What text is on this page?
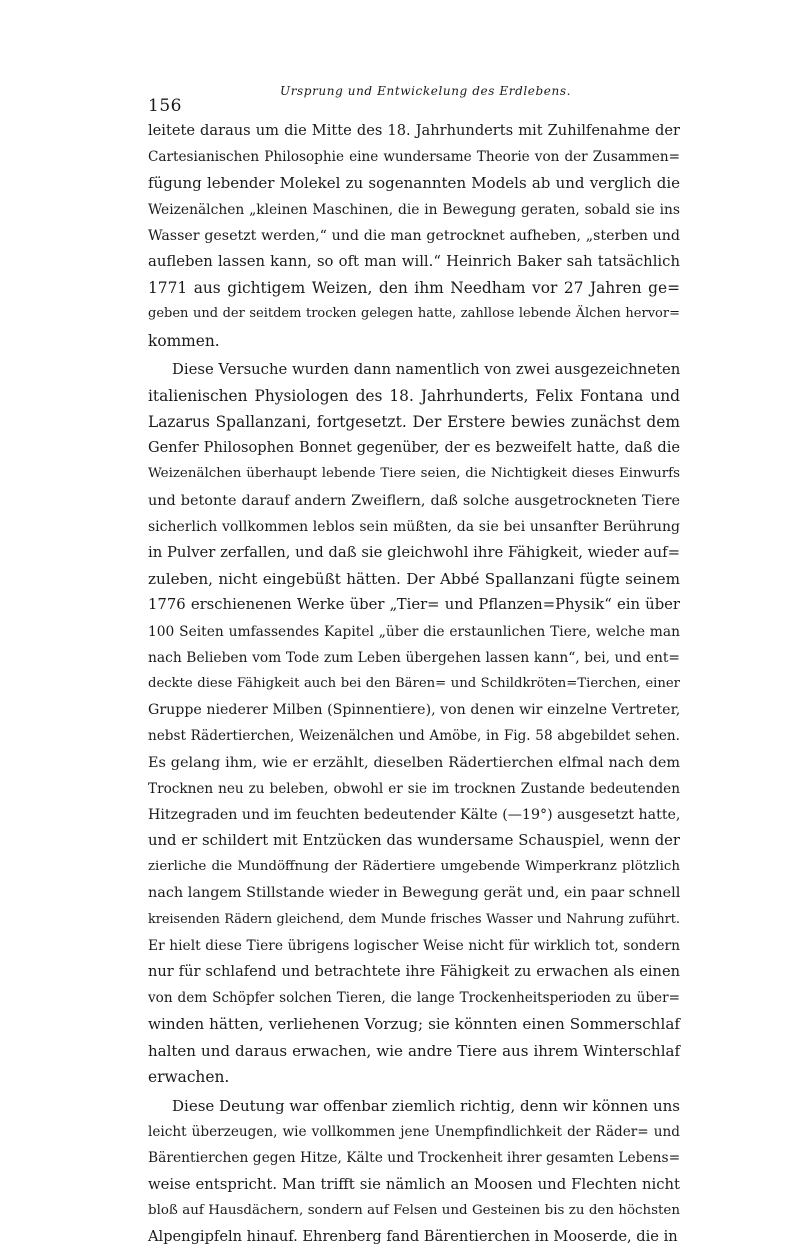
156
Ursprung und Entwickelung des Erdlebens.
leitete daraus um die Mitte des 18. Jahrhunderts mit Zuhilfenahme der
Cartesianischen Philosophie eine wundersame Theorie von der Zusammen=
fügung lebender Molekel zu sogenannten Models ab und verglich die
Weizenälchen „kleinen Maschinen, die in Bewegung geraten, sobald sie ins
Wasser gesetzt werden,“ und die man getrocknet aufheben, „sterben und
aufleben lassen kann, so oft man will.“ Heinrich Baker sah tatsächlich
1771 aus gichtigem Weizen, den ihm Needham vor 27 Jahren ge=
geben und der seitdem trocken gelegen hatte, zahllose lebende Älchen hervor=
kommen.
Diese Versuche wurden dann namentlich von zwei ausgezeichneten
italienischen Physiologen des 18. Jahrhunderts, Felix Fontana und
Lazarus Spallanzani, fortgesetzt. Der Erstere bewies zunächst dem
Genfer Philosophen Bonnet gegenüber, der es bezweifelt hatte, daß die
Weizenälchen überhaupt lebende Tiere seien, die Nichtigkeit dieses Einwurfs
und betonte darauf andern Zweiflern, daß solche ausgetrockneten Tiere
sicherlich vollkommen leblos sein müßten, da sie bei unsanfter Berührung
in Pulver zerfallen, und daß sie gleichwohl ihre Fähigkeit, wieder auf=
zuleben, nicht eingebüßt hätten. Der Abbé Spallanzani fügte seinem
1776 erschienenen Werke über „Tier= und Pflanzen=Physik“ ein über
100 Seiten umfassendes Kapitel „über die erstaunlichen Tiere, welche man
nach Belieben vom Tode zum Leben übergehen lassen kann“, bei, und ent=
deckte diese Fähigkeit auch bei den Bären= und Schildkröten=Tierchen, einer
Gruppe niederer Milben (Spinnentiere), von denen wir einzelne Vertreter,
nebst Rädertierchen, Weizenälchen und Amöbe, in Fig. 58 abgebildet sehen.
Es gelang ihm, wie er erzählt, dieselben Rädertierchen elfmal nach dem
Trocknen neu zu beleben, obwohl er sie im trocknen Zustande bedeutenden
Hitzegraden und im feuchten bedeutender Kälte (—19°) ausgesetzt hatte,
und er schildert mit Entzücken das wundersame Schauspiel, wenn der
zierliche die Mundöffnung der Rädertiere umgebende Wimperkranz plötzlich
nach langem Stillstande wieder in Bewegung gerät und, ein paar schnell
kreisenden Rädern gleichend, dem Munde frisches Wasser und Nahrung zuführt.
Er hielt diese Tiere übrigens logischer Weise nicht für wirklich tot, sondern
nur für schlafend und betrachtete ihre Fähigkeit zu erwachen als einen
von dem Schöpfer solchen Tieren, die lange Trockenheitsperioden zu über=
winden hätten, verliehenen Vorzug; sie könnten einen Sommerschlaf
halten und daraus erwachen, wie andre Tiere aus ihrem Winterschlaf
erwachen.
Diese Deutung war offenbar ziemlich richtig, denn wir können uns
leicht überzeugen, wie vollkommen jene Unempfindlichkeit der Räder= und
Bärentierchen gegen Hitze, Kälte und Trockenheit ihrer gesamten Lebens=
weise entspricht. Man trifft sie nämlich an Moosen und Flechten nicht
bloß auf Hausdächern, sondern auf Felsen und Gesteinen bis zu den höchsten
Alpengipfeln hinauf. Ehrenberg fand Bärentierchen in Mooserde, die in
